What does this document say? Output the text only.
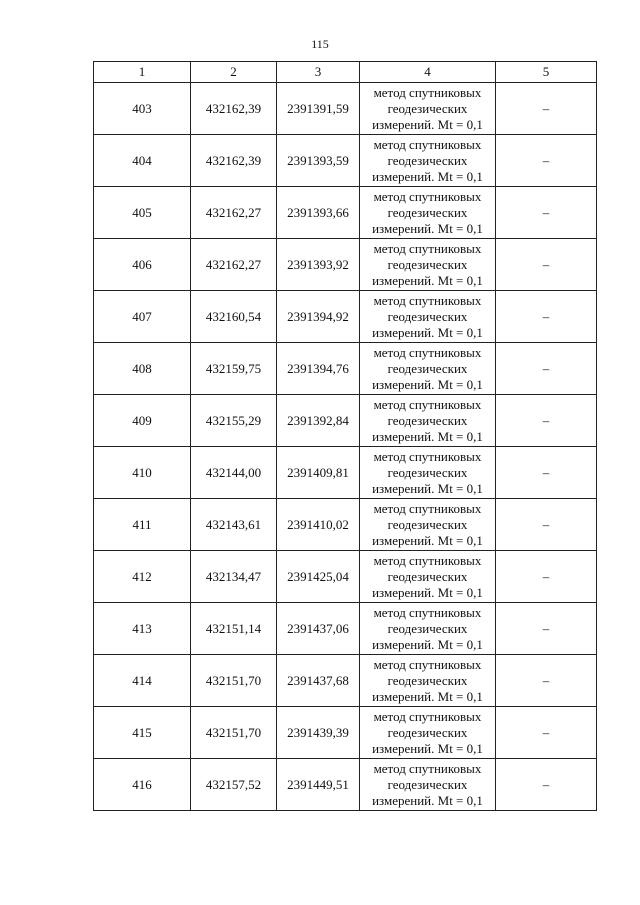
115
1	2	3	4	5
403	432162,39	2391391,59	метод спутниковых
геодезических
измерений. Mt = 0,1	–
404	432162,39	2391393,59	метод спутниковых
геодезических
измерений. Mt = 0,1	–
405	432162,27	2391393,66	метод спутниковых
геодезических
измерений. Mt = 0,1	–
406	432162,27	2391393,92	метод спутниковых
геодезических
измерений. Mt = 0,1	–
407	432160,54	2391394,92	метод спутниковых
геодезических
измерений. Mt = 0,1	–
408	432159,75	2391394,76	метод спутниковых
геодезических
измерений. Mt = 0,1	–
409	432155,29	2391392,84	метод спутниковых
геодезических
измерений. Mt = 0,1	–
410	432144,00	2391409,81	метод спутниковых
геодезических
измерений. Mt = 0,1	–
411	432143,61	2391410,02	метод спутниковых
геодезических
измерений. Mt = 0,1	–
412	432134,47	2391425,04	метод спутниковых
геодезических
измерений. Mt = 0,1	–
413	432151,14	2391437,06	метод спутниковых
геодезических
измерений. Mt = 0,1	–
414	432151,70	2391437,68	метод спутниковых
геодезических
измерений. Mt = 0,1	–
415	432151,70	2391439,39	метод спутниковых
геодезических
измерений. Mt = 0,1	–
416	432157,52	2391449,51	метод спутниковых
геодезических
измерений. Mt = 0,1	–
